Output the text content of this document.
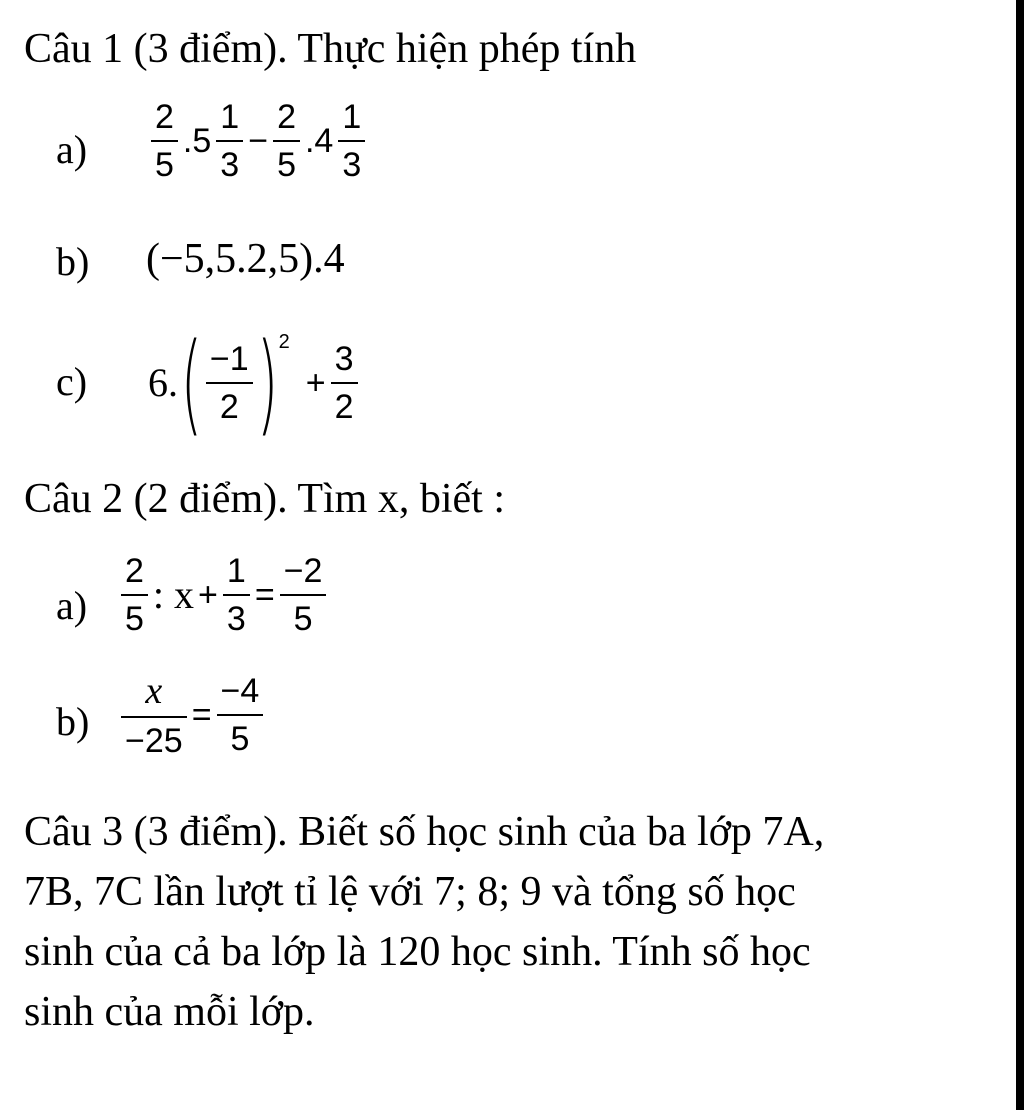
Câu 1 (3 điểm). Thực hiện phép tính
$a) \frac{2}{5} .5 \frac{1}{3} - \frac{2}{5} .4 \frac{1}{3}$
b) (−5,5.2,5).4
c) 6. ( $\frac{-1}{2}$ ) 2
+ $\frac{3}{2}$
Câu 2 (2 điểm). Tìm x, biết :
$a) \frac{2}{5}$ : $x + \frac{1}{3} = \frac{-2}{5}$
$b) \frac{x}{-25} = \frac{-4}{5}$
Câu 3 (3 điểm). Biết số học sinh của ba lớp 7A,
7B, 7C lần lượt tỉ lệ với 7; 8; 9 và tổng số học
sinh của cả ba lớp là 120 học sinh. Tính số học
sinh của mỗi lớp.
